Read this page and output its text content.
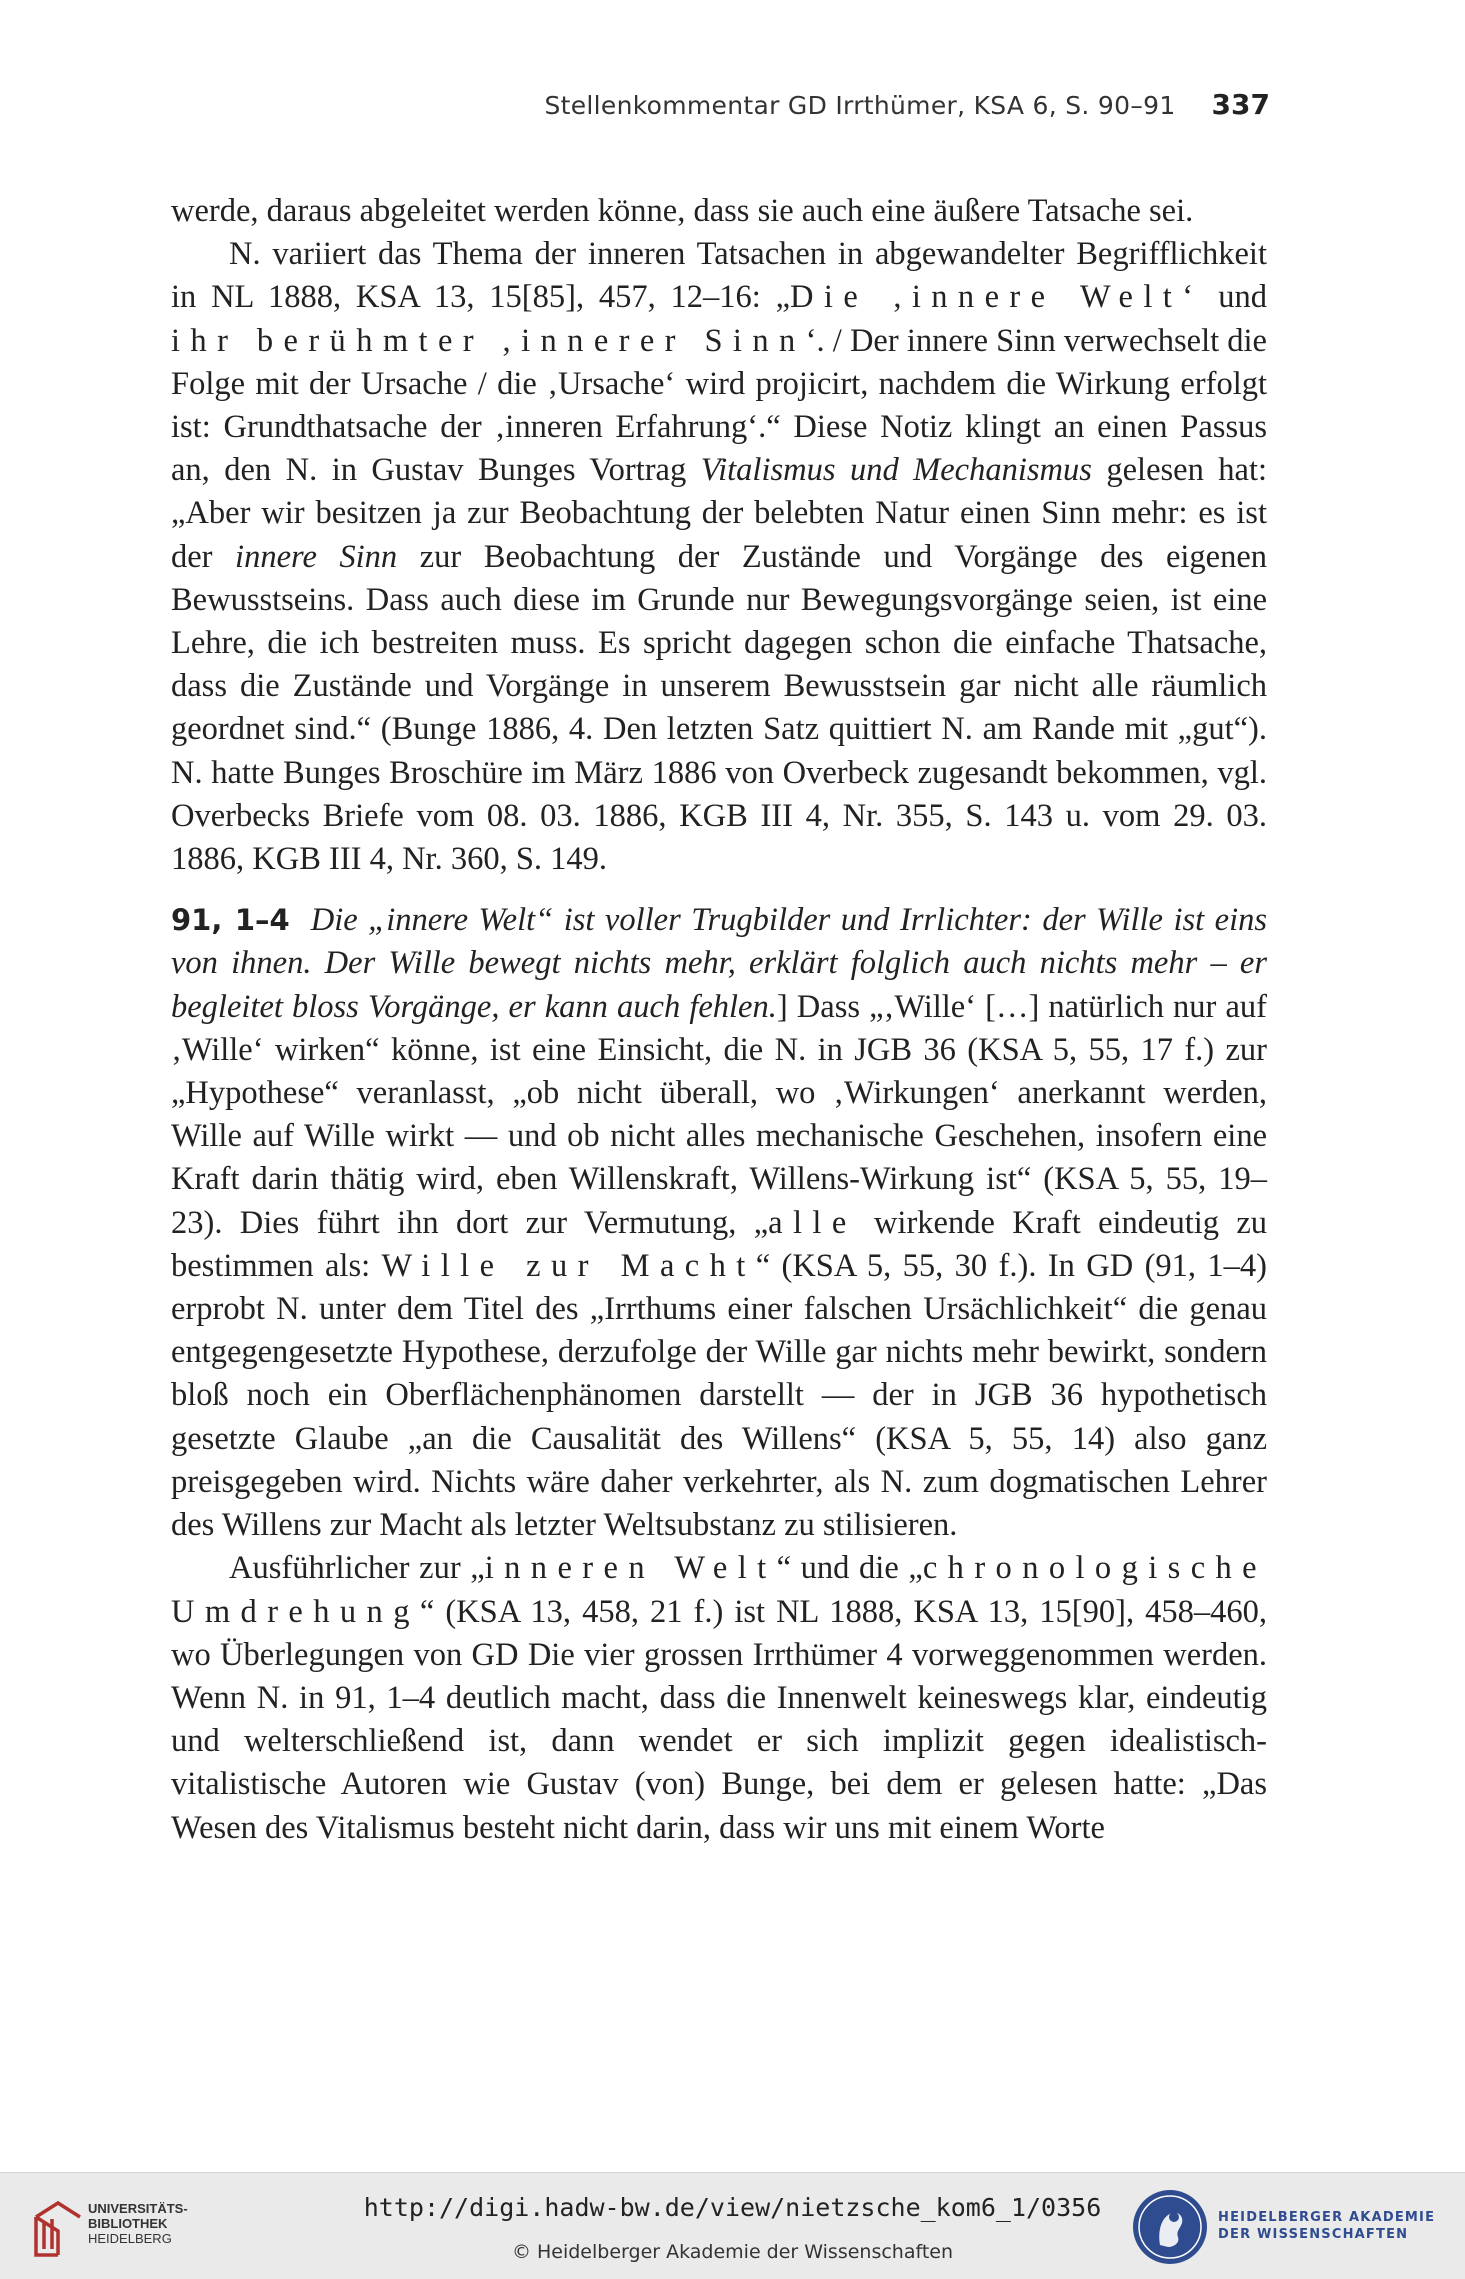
Stellenkommentar GD Irrthümer, KSA 6, S. 90–91 337

werde, daraus abgeleitet werden könne, dass sie auch eine äußere Tatsache sei.

N. variiert das Thema der inneren Tatsachen in abgewandelter Begrifflichkeit in NL 1888, KSA 13, 15[85], 457, 12–16: „Die ,innere Welt‘ und ihr berühmter ,innerer Sinn‘. / Der innere Sinn verwechselt die Folge mit der Ursache / die ‚Ursache‘ wird projicirt, nachdem die Wirkung erfolgt ist: Grundthatsache der ‚inneren Erfahrung‘.“ Diese Notiz klingt an einen Passus an, den N. in Gustav Bunges Vortrag Vitalismus und Mechanismus gelesen hat: „Aber wir besitzen ja zur Beobachtung der belebten Natur einen Sinn mehr: es ist der innere Sinn zur Beobachtung der Zustände und Vorgänge des eigenen Bewusstseins. Dass auch diese im Grunde nur Bewegungsvorgänge seien, ist eine Lehre, die ich bestreiten muss. Es spricht dagegen schon die einfache Thatsache, dass die Zustände und Vorgänge in unserem Bewusstsein gar nicht alle räumlich geordnet sind.“ (Bunge 1886, 4. Den letzten Satz quittiert N. am Rande mit „gut“). N. hatte Bunges Broschüre im März 1886 von Overbeck zugesandt bekommen, vgl. Overbecks Briefe vom 08. 03. 1886, KGB III 4, Nr. 355, S. 143 u. vom 29. 03. 1886, KGB III 4, Nr. 360, S. 149.

91, 1–4 Die „innere Welt“ ist voller Trugbilder und Irrlichter: der Wille ist eins von ihnen. Der Wille bewegt nichts mehr, erklärt folglich auch nichts mehr – er begleitet bloss Vorgänge, er kann auch fehlen.] Dass „‚Wille‘ […] natürlich nur auf ‚Wille‘ wirken“ könne, ist eine Einsicht, die N. in JGB 36 (KSA 5, 55, 17 f.) zur „Hypothese“ veranlasst, „ob nicht überall, wo ‚Wirkungen‘ anerkannt werden, Wille auf Wille wirkt — und ob nicht alles mechanische Geschehen, insofern eine Kraft darin thätig wird, eben Willenskraft, Willens-Wirkung ist“ (KSA 5, 55, 19–23). Dies führt ihn dort zur Vermutung, „alle wirkende Kraft eindeutig zu bestimmen als: Wille zur Macht“ (KSA 5, 55, 30 f.). In GD (91, 1–4) erprobt N. unter dem Titel des „Irrthums einer falschen Ursächlichkeit“ die genau entgegengesetzte Hypothese, derzufolge der Wille gar nichts mehr bewirkt, sondern bloß noch ein Oberflächenphänomen darstellt — der in JGB 36 hypothetisch gesetzte Glaube „an die Causalität des Willens“ (KSA 5, 55, 14) also ganz preisgegeben wird. Nichts wäre daher verkehrter, als N. zum dogmatischen Lehrer des Willens zur Macht als letzter Weltsubstanz zu stilisieren.

Ausführlicher zur „inneren Welt“ und die „chronologische Umdrehung“ (KSA 13, 458, 21 f.) ist NL 1888, KSA 13, 15[90], 458–460, wo Überlegungen von GD Die vier grossen Irrthümer 4 vorweggenommen werden. Wenn N. in 91, 1–4 deutlich macht, dass die Innenwelt keineswegs klar, eindeutig und welterschließend ist, dann wendet er sich implizit gegen idealistisch-vitalistische Autoren wie Gustav (von) Bunge, bei dem er gelesen hatte: „Das Wesen des Vitalismus besteht nicht darin, dass wir uns mit einem Worte

UNIVERSITÄTS-
BIBLIOTHEK
HEIDELBERG
http://digi.hadw-bw.de/view/nietzsche_kom6_1/0356
© Heidelberger Akademie der Wissenschaften
HEIDELBERGER AKADEMIE
DER WISSENSCHAFTEN
